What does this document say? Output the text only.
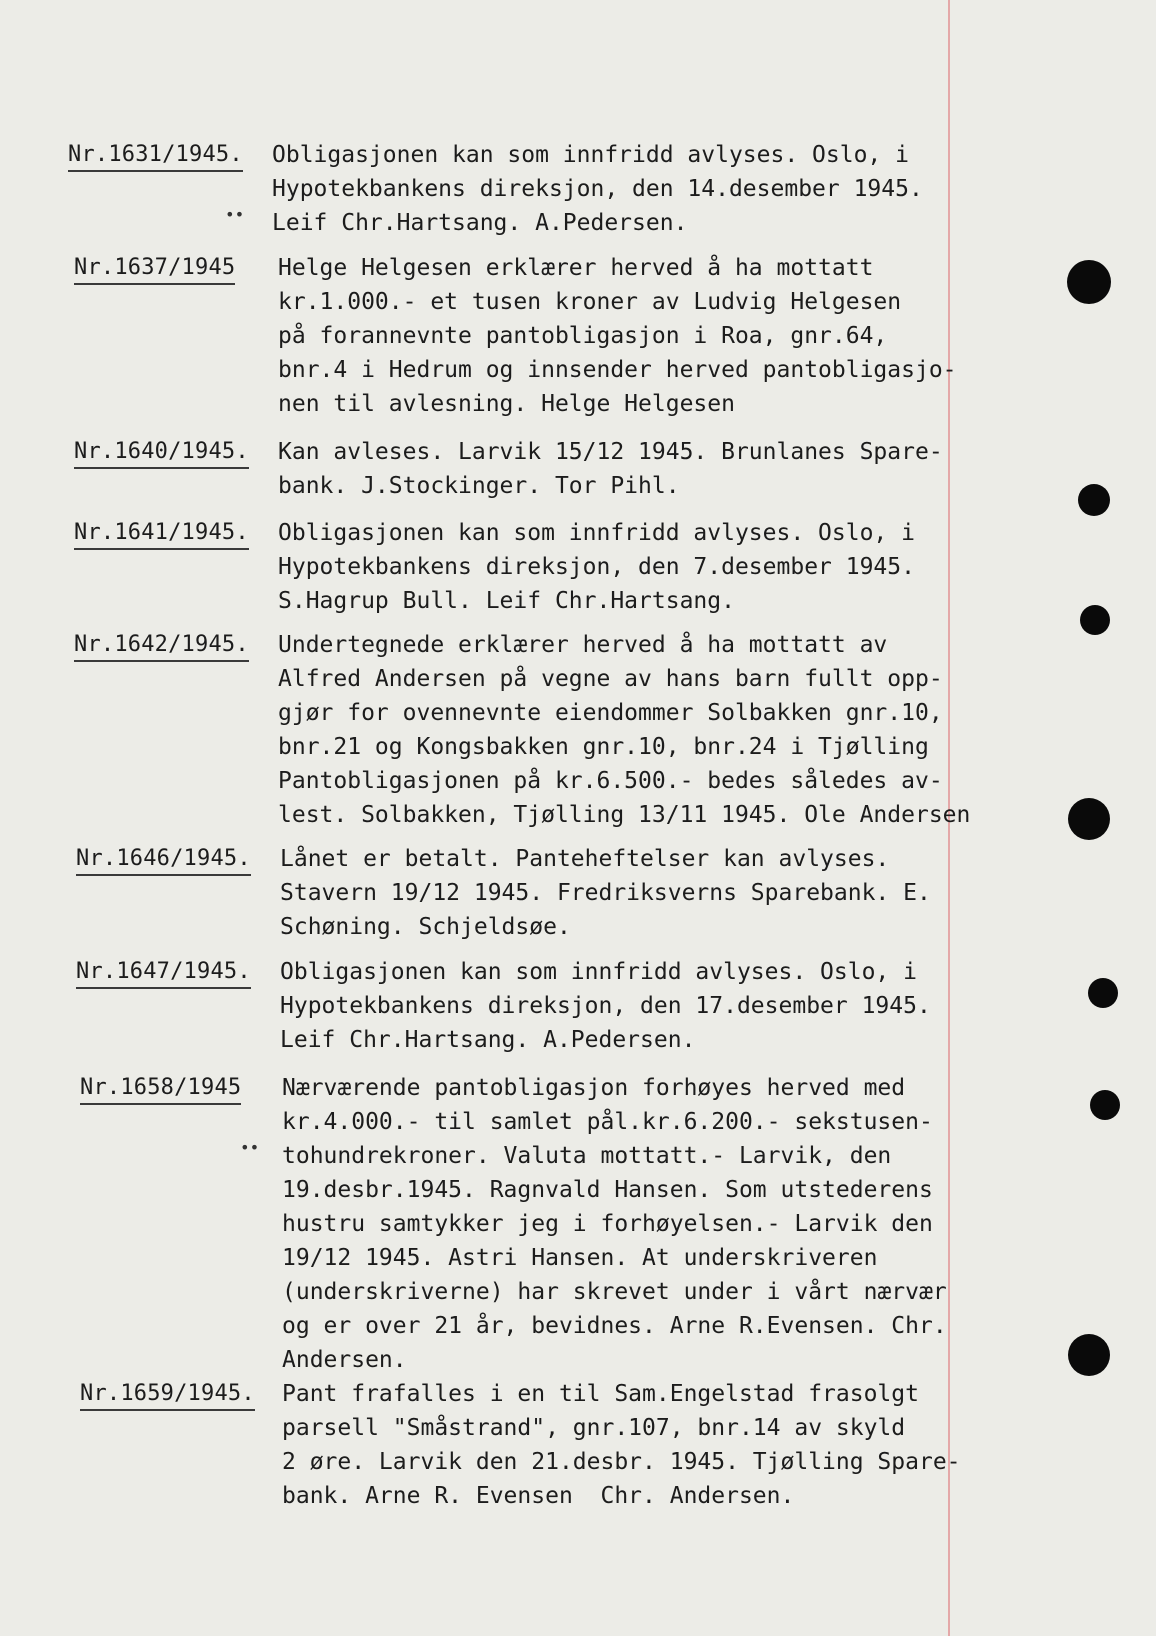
••
••
Nr.1631/1945. Obligasjonen kan som innfridd avlyses. Oslo, i
Hypotekbankens direksjon, den 14.desember 1945.
Leif Chr.Hartsang. A.Pedersen.
Nr.1637/1945 Helge Helgesen erklærer herved å ha mottatt
kr.1.000.- et tusen kroner av Ludvig Helgesen
på forannevnte pantobligasjon i Roa, gnr.64,
bnr.4 i Hedrum og innsender herved pantobligasjo-
nen til avlesning. Helge Helgesen
Nr.1640/1945. Kan avleses. Larvik 15/12 1945. Brunlanes Spare-
bank. J.Stockinger. Tor Pihl.
Nr.1641/1945. Obligasjonen kan som innfridd avlyses. Oslo, i
Hypotekbankens direksjon, den 7.desember 1945.
S.Hagrup Bull. Leif Chr.Hartsang.
Nr.1642/1945. Undertegnede erklærer herved å ha mottatt av
Alfred Andersen på vegne av hans barn fullt opp-
gjør for ovennevnte eiendommer Solbakken gnr.10,
bnr.21 og Kongsbakken gnr.10, bnr.24 i Tjølling
Pantobligasjonen på kr.6.500.- bedes således av-
lest. Solbakken, Tjølling 13/11 1945. Ole Andersen
Nr.1646/1945. Lånet er betalt. Panteheftelser kan avlyses.
Stavern 19/12 1945. Fredriksverns Sparebank. E.
Schøning. Schjeldsøe.
Nr.1647/1945. Obligasjonen kan som innfridd avlyses. Oslo, i
Hypotekbankens direksjon, den 17.desember 1945.
Leif Chr.Hartsang. A.Pedersen.
Nr.1658/1945 Nærværende pantobligasjon forhøyes herved med
kr.4.000.- til samlet pål.kr.6.200.- sekstusen-
tohundrekroner. Valuta mottatt.- Larvik, den
19.desbr.1945. Ragnvald Hansen. Som utstederens
hustru samtykker jeg i forhøyelsen.- Larvik den
19/12 1945. Astri Hansen. At underskriveren
(underskriverne) har skrevet under i vårt nærvær
og er over 21 år, bevidnes. Arne R.Evensen. Chr.
Andersen.
Nr.1659/1945. Pant frafalles i en til Sam.Engelstad frasolgt
parsell "Småstrand", gnr.107, bnr.14 av skyld
2 øre. Larvik den 21.desbr. 1945. Tjølling Spare-
bank. Arne R. Evensen  Chr. Andersen.
